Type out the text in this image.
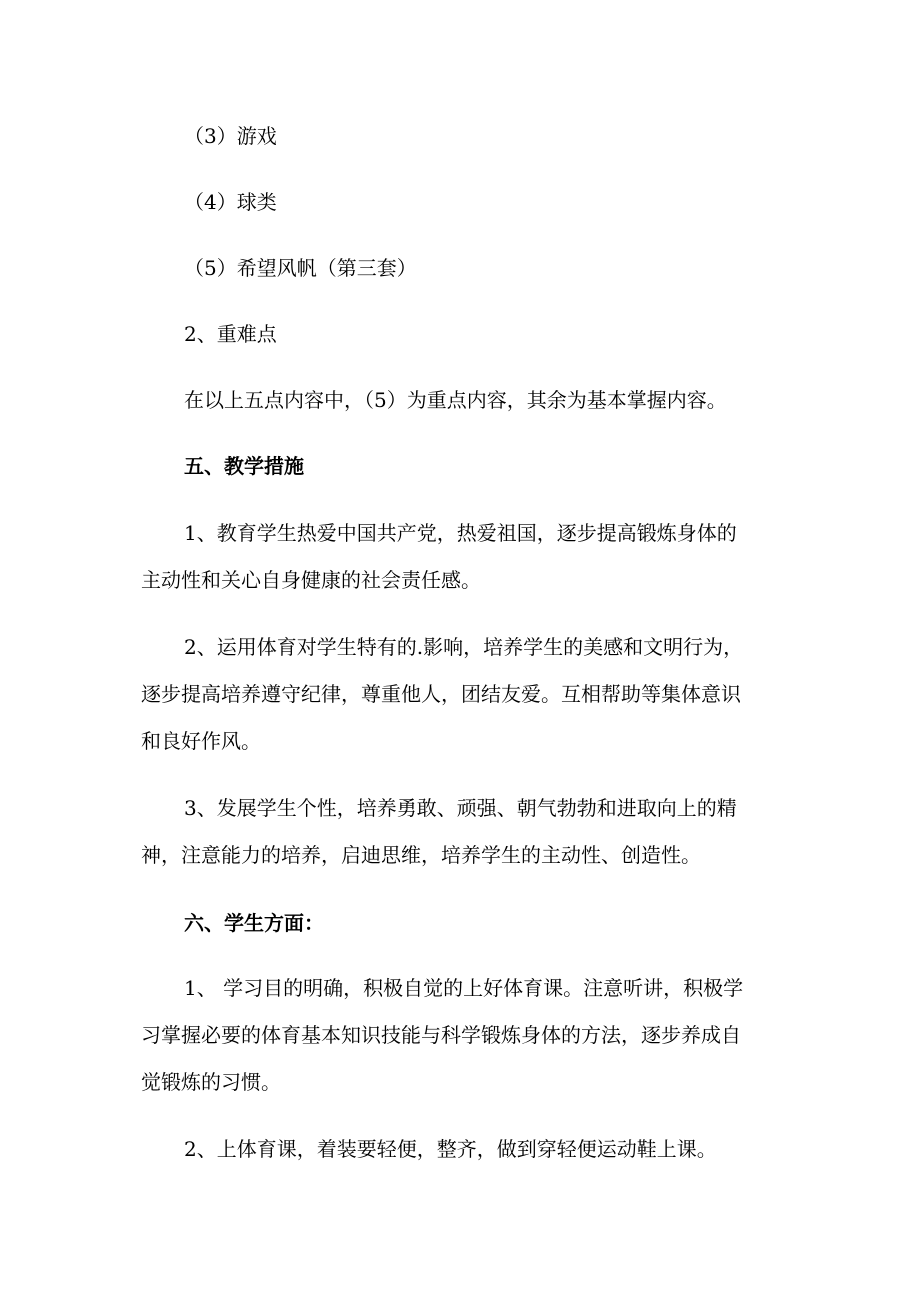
（3）游戏
（4）球类
（5）希望风帆（第三套）
2、重难点
在以上五点内容中，（5）为重点内容，其余为基本掌握内容。
五、教学措施
1、教育学生热爱中国共产党，热爱祖国，逐步提高锻炼身体的
主动性和关心自身健康的社会责任感。
2、运用体育对学生特有的.影响，培养学生的美感和文明行为，
逐步提高培养遵守纪律，尊重他人，团结友爱。互相帮助等集体意识
和良好作风。
3、发展学生个性，培养勇敢、顽强、朝气勃勃和进取向上的精
神，注意能力的培养，启迪思维，培养学生的主动性、创造性。
六、学生方面：
1、 学习目的明确，积极自觉的上好体育课。注意听讲，积极学
习掌握必要的体育基本知识技能与科学锻炼身体的方法，逐步养成自
觉锻炼的习惯。
2、上体育课，着装要轻便，整齐，做到穿轻便运动鞋上课。
